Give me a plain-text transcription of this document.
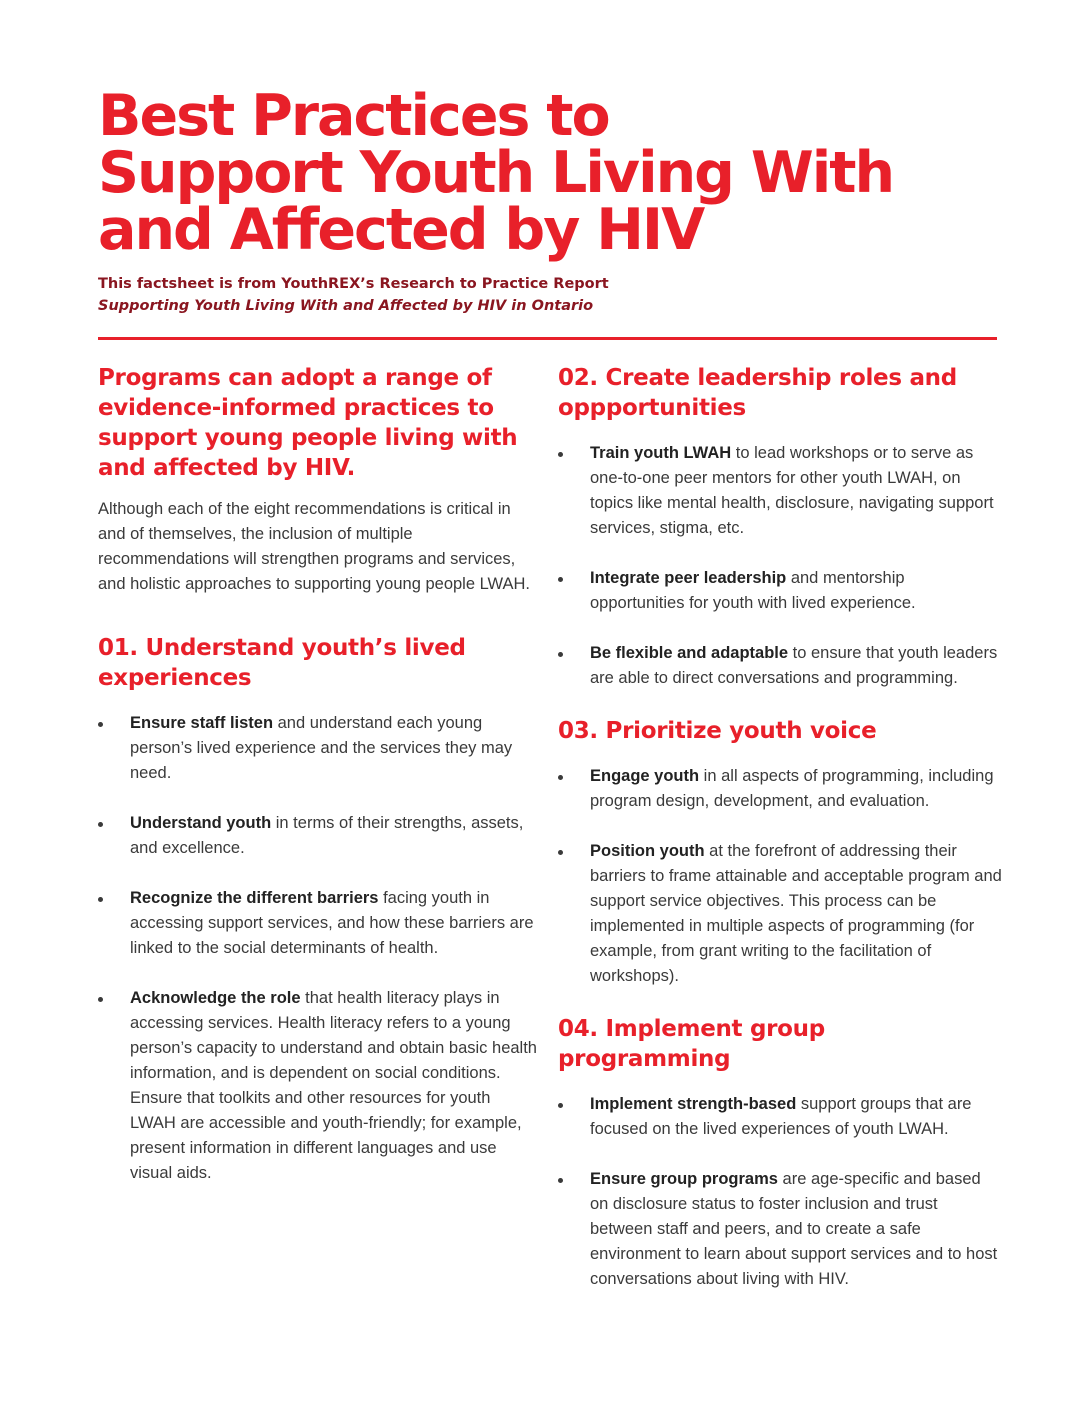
Best Practices to
Support Youth Living With
and Affected by HIV
This factsheet is from YouthREX’s Research to Practice Report
Supporting Youth Living With and Affected by HIV in Ontario
Programs can adopt a range of evidence-informed practices to support young people living with and affected by HIV.

Although each of the eight recommendations is critical in and of themselves, the inclusion of multiple recommendations will strengthen programs and services, and holistic approaches to supporting young people LWAH.

01. Understand youth’s lived experiences
Ensure staff listen and understand each young person’s lived experience and the services they may need.
Understand youth in terms of their strengths, assets, and excellence.
Recognize the different barriers facing youth in accessing support services, and how these barriers are linked to the social determinants of health.
Acknowledge the role that health literacy plays in accessing services. Health literacy refers to a young person’s capacity to understand and obtain basic health information, and is dependent on social conditions. Ensure that toolkits and other resources for youth LWAH are accessible and youth-friendly; for example, present information in different languages and use visual aids.
02. Create leadership roles and oppportunities
Train youth LWAH to lead workshops or to serve as one-to-one peer mentors for other youth LWAH, on topics like mental health, disclosure, navigating support services, stigma, etc.
Integrate peer leadership and mentorship opportunities for youth with lived experience.
Be flexible and adaptable to ensure that youth leaders are able to direct conversations and programming.
03. Prioritize youth voice
Engage youth in all aspects of programming, including program design, development, and evaluation.
Position youth at the forefront of addressing their barriers to frame attainable and acceptable program and support service objectives. This process can be implemented in multiple aspects of programming (for example, from grant writing to the facilitation of workshops).
04. Implement group programming
Implement strength-based support groups that are focused on the lived experiences of youth LWAH.
Ensure group programs are age-specific and based on disclosure status to foster inclusion and trust between staff and peers, and to create a safe environment to learn about support services and to host conversations about living with HIV.
